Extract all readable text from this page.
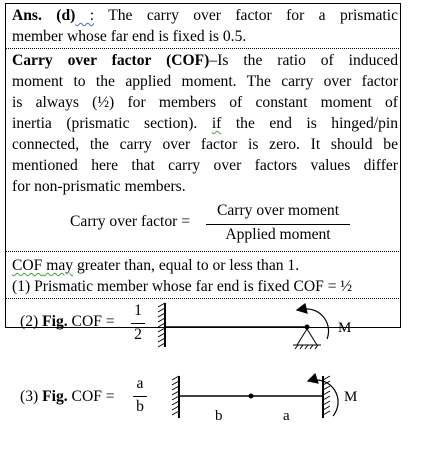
Ans. (d) : The carry over factor for a prismatic
member whose far end is fixed is 0.5.
Carry over factor (COF)–Is the ratio of induced
moment to the applied moment. The carry over factor
is always (½) for members of constant moment of
inertia (prismatic section). if the end is hinged/pin
connected, the carry over factor is zero. It should be
mentioned here that carry over factors values differ
for non-prismatic members.
Carry over factor =
Carry over moment
Applied moment
COF may greater than, equal to or less than 1.
(1) Prismatic member whose far end is fixed COF = ½
(2) Fig. COF =
1
2	M
(3) Fig. COF =
a
b
M
b	a
